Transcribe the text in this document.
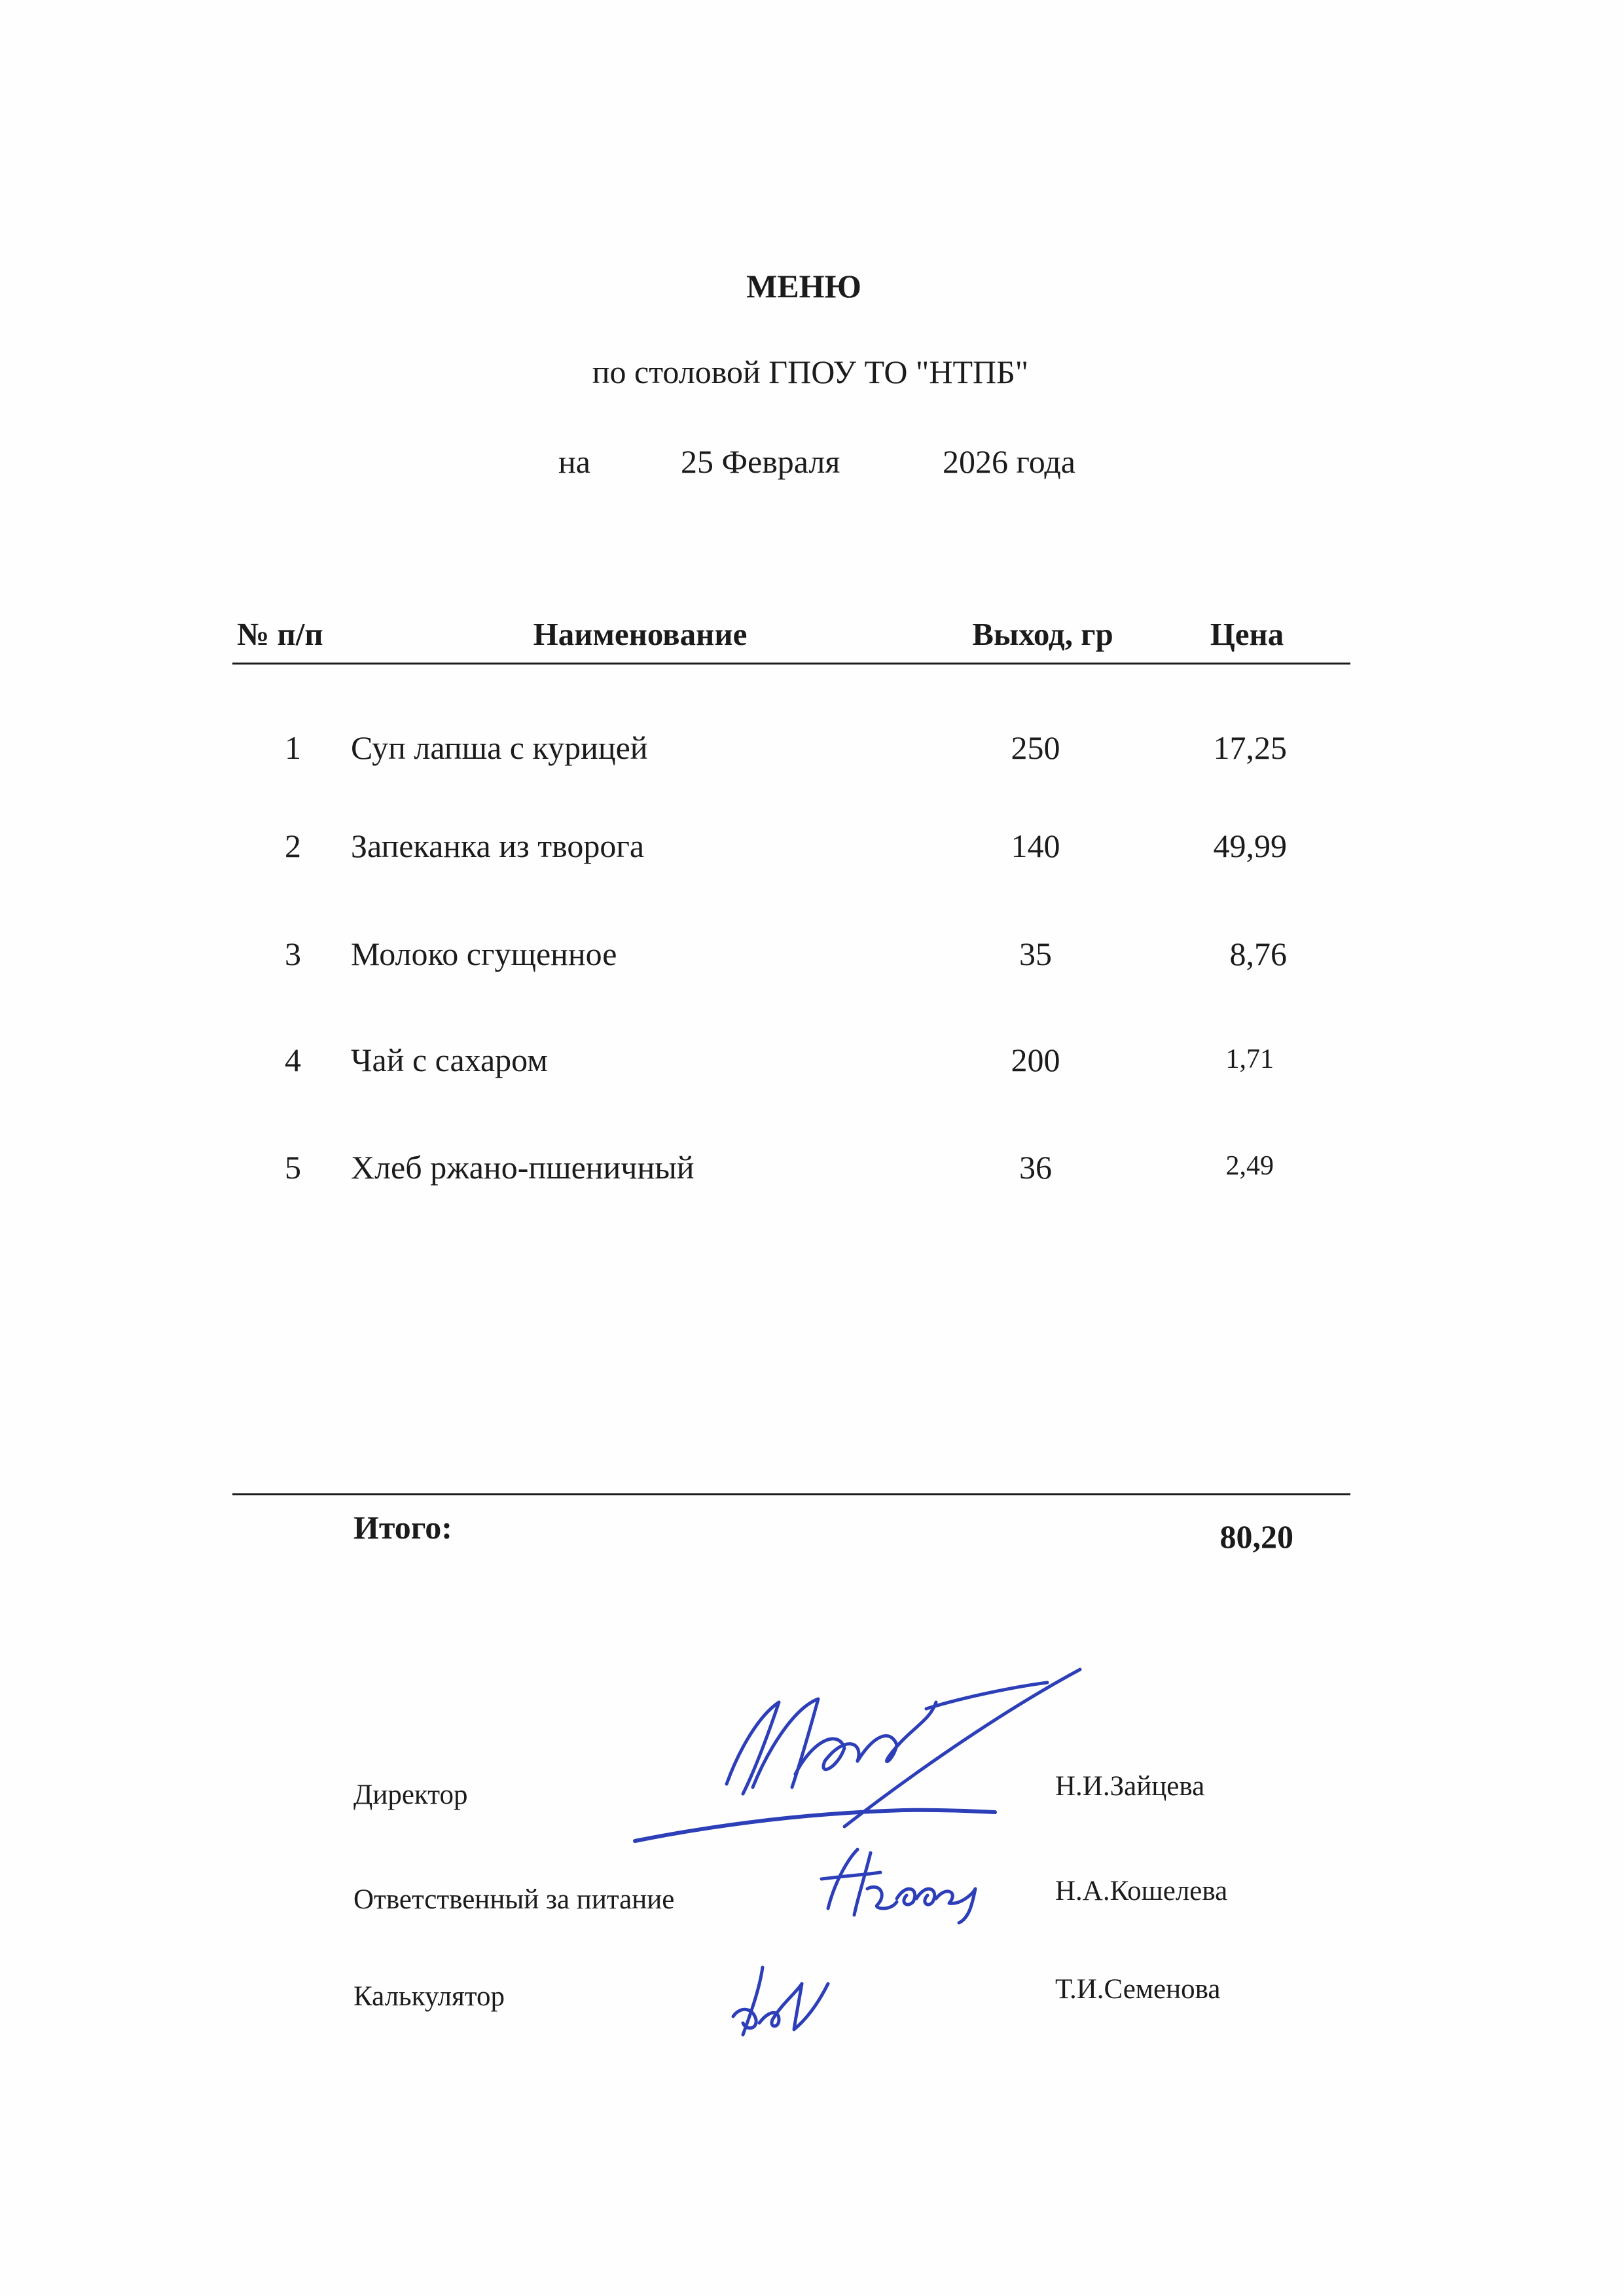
МЕНЮ
по столовой ГПОУ ТО "НТПБ"
на	25 Февраля	2026 года
№ п/п	Наименование	Выход, гр	Цена
1 Суп лапша с курицей	250	17,25
2 Запеканка из творога	140	49,99
3 Молоко сгущенное	35	8,76
4 Чай с сахаром	200	1,71
5 Хлеб ржано-пшеничный	36	2,49
Итого:	80,20
Директор	Н.И.Зайцева
Ответственный за питание	Н.А.Кошелева
Калькулятор	Т.И.Семенова
